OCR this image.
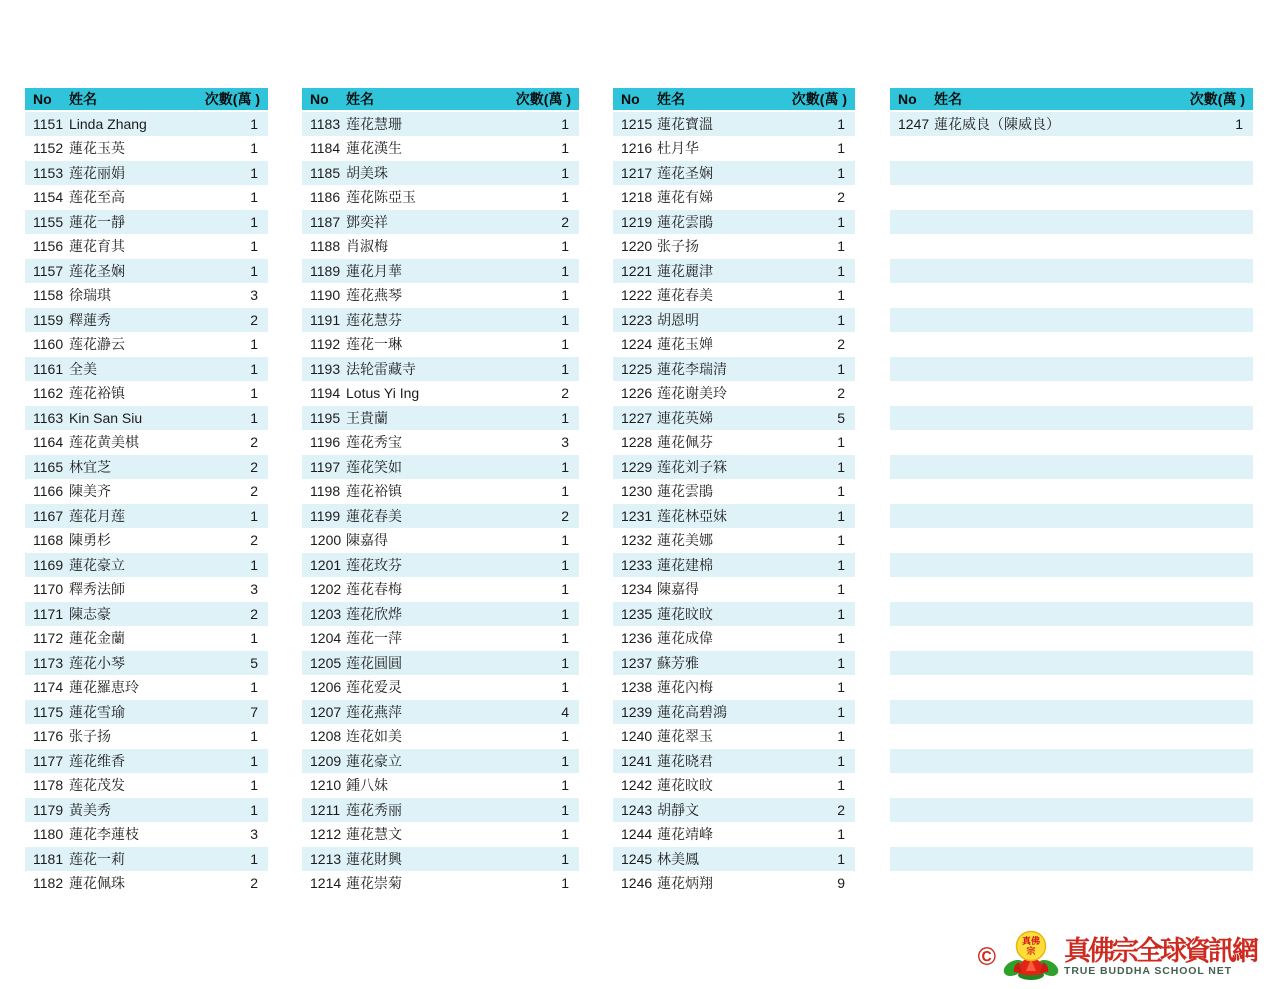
No	姓名	次數(萬 )
1151 Linda Zhang	1
1152 蓮花玉英	1
1153 莲花丽娟	1
1154 莲花至高	1
1155 蓮花一靜	1
1156 蓮花育其	1
1157 莲花圣娴	1
1158 徐瑞琪	3
1159 釋蓮秀	2
1160 莲花瀞云	1
1161 全美	1
1162 莲花裕镇	1
1163 Kin San Siu	1
1164 莲花黄美棋	2
1165 林宜芝	2
1166 陳美齐	2
1167 莲花月莲	1
1168 陳勇杉	2
1169 蓮花豪立	1
1170 釋秀法師	3
1171 陳志豪	2
1172 蓮花金蘭	1
1173 莲花小琴	5
1174 蓮花羅恵玲	1
1175 蓮花雪瑜	7
1176 张子扬	1
1177 莲花维香	1
1178 莲花茂发	1
1179 黃美秀	1
1180 蓮花李蓮枝	3
1181 莲花一莉	1
1182 蓮花佩珠	2
No	姓名	次數(萬 )
1183 莲花慧珊	1
1184 蓮花漢生	1
1185 胡美珠	1
1186 莲花陈亞玉	1
1187 鄧奕祥	2
1188 肖淑梅	1
1189 蓮花月華	1
1190 莲花燕琴	1
1191 莲花慧芬	1
1192 莲花一琳	1
1193 法轮雷藏寺	1
1194 Lotus Yi Ing	2
1195 王貴蘭	1
1196 莲花秀宝	3
1197 莲花笑如	1
1198 莲花裕镇	1
1199 蓮花春美	2
1200 陳嘉得	1
1201 莲花玫芬	1
1202 莲花春梅	1
1203 莲花欣烨	1
1204 莲花一萍	1
1205 莲花圓圓	1
1206 莲花爱灵	1
1207 莲花燕萍	4
1208 连花如美	1
1209 蓮花豪立	1
1210 鍾八妹	1
1211 莲花秀丽	1
1212 蓮花慧文	1
1213 蓮花財興	1
1214 蓮花崇菊	1
No	姓名	次數(萬 )
1215 蓮花寶溫	1
1216 杜月华	1
1217 莲花圣娴	1
1218 蓮花有娣	2
1219 蓮花雲鵑	1
1220 张子扬	1
1221 蓮花麗津	1
1222 蓮花春美	1
1223 胡恩明	1
1224 蓮花玉婵	2
1225 蓮花李瑞清	1
1226 莲花谢美玲	2
1227 連花英娣	5
1228 蓮花佩芬	1
1229 莲花刘子箖	1
1230 蓮花雲鵑	1
1231 莲花林亞妹	1
1232 蓮花美娜	1
1233 蓮花建棉	1
1234 陳嘉得	1
1235 蓮花旼旼	1
1236 蓮花成偉	1
1237 蘇芳雅	1
1238 蓮花內梅	1
1239 蓮花高碧鴻	1
1240 蓮花翠玉	1
1241 蓮花晓君	1
1242 蓮花旼旼	1
1243 胡靜文	2
1244 蓮花靖峰	1
1245 林美鳳	1
1246 蓮花炳翔	9
No	姓名	次數(萬 )
1247 蓮花威良（陳威良）	1
©
真佛
宗 真佛宗全球資訊網
TRUE BUDDHA SCHOOL NET
